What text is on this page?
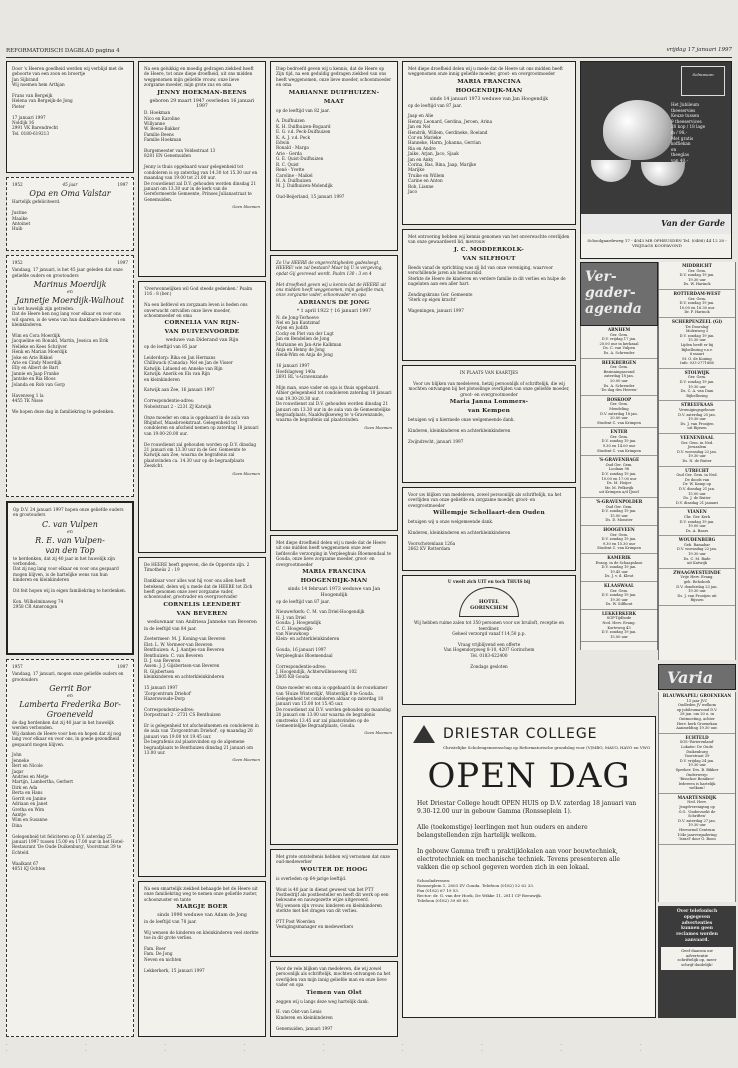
REFORMATORISCH DAGBLAD pagina 4	vrijdag 17 januari 1997
Door 's Heeren goedheid werden wij verblijd met de geboorte van een zoon en broertje
Jan Sijbrand
Wij noemen hem Arthjan

Frans van Bergeijk
Helena van Bergeijk-de Jong
Pieter

17 januari 1997
Noldijk 16
2991 VK Barendrecht
Tel. 0180-619213
1952	45 jaar	1997
Opa en Oma Valstar
Hartelijk gefeliciteerd.

Justine
Maaike
Antoinet
Huib
1952	1997
Vandaag, 17 januari, is het 45 jaar geleden dat onze geliefde ouders en grootouders
Marinus Moerdijk
en
Jannetje Moerdijk-Walhout
in het huwelijk zijn getreden.
Dat de Heere hen nog lang voor elkaar en voor ons wil sparen, is de wens van hun dankbare kinderen en kleinkinderen.

Wim en Cora Moerdijk
Jacqueline en Ronald, Martin, Jessica en Erik
Nelleke en Kees Schrijver
Henk en Marian Moerdijk
Joke en Arie Bikkel
Arie en Cindy Moerdijk
Elly en Albert de Bart
Jannie en Jaap Franke
Jantske en Ria Bloos
Jolanda en Rob van Gorp

Havenweg 1 la
4455 TK Nisse

We hopen deze dag in familiekring te gedenken.
Op D.V. 24 januari 1997 hopen onze geliefde ouders en grootouders
C. van Vulpen
en
R. E. van Vulpen-
van den Top
te herdenken, dat zij 40 jaar in het huwelijk zijn verbonden.
Dat zij nog lang voor elkaar en voor ons gespaard mogen blijven, is de hartelijke wens van hun
kinderen en kleinkinderen

Dit feit hopen wij in eigen familiekring te herdenken.

Kon. Wilhelminaweg 74
2958 CR Amerongen
1957	1997
Vandaag, 17 januari, mogen onze geliefde ouders en grootouders
Gerrit Bor
en
Lamberta Frederika Bor-
Groeneveld
de dag herdenken dat zij 40 jaar in het huwelijk werden verbonden.
Wij danken de Heere voor hen en hopen dat zij nog lang voor elkaar en voor ons, in goede gezondheid gespaard mogen blijven.

John
Jenneke
Bert en Nicole
Jaqar
Andries en Metje
Martijn, Lambertha, Gerbert
Dirk en Ada
Berta en Hans
Gerrit en Janine
Adriaan en Janet
Gretha en Wim
Aantje
Wim en Susanne
Dina

Gelegenheid tot feliciteren op D.V. zaterdag 25 januari 1997 tussen 15.00 en 17.00 uur in het Hotel-Restaurant 'De Oude Duikenburg', Voorstraat 39 te Echteld.

Waalkant 67
4051 KJ Ochten
Na een gelukkig en moedig gedragen ziekbed heeft de Heere, tot onze diepe droefheid, uit ons midden weggenomen mijn geliefde vrouw, onze lieve zorgzame moeder, mijn grote zus en oma
JENNY HOEKMAN-BEENS
geboren 29 maart 1947 overleden 16 januari 1997
D. Hoekman
Nico en Karoline
Willyanne
W. Beens-Bakker
Familie Beens
Familie Hoekman

Burgemeester van Veldestraat 13
8281 EN Genemuiden

Jenny is thuis opgebaard waar gelegenheid tot condoleren is op zaterdag van 14.30 tot 15.30 uur en maandag van 19.00 tot 21.00 uur.
De rouwdienst zal D.V. gehouden worden dinsdag 21 januari om 13.30 uur in de kerk van de Gereformeerde Gemeente, Prinses Julianastraat te Genemuiden.
Geen bloemen
'Overwonnelijken wil God steeds gedenken.' Psalm 116 : 8 (ber.)

Na een liefdevol en zorgzaam leven is heden ons onverwacht ontvallen onze lieve moeder, schoonmoeder en oma
CORNELIA VAN RIJN-
VAN DUIVENVOORDE
weduwe van Diderand van Rijn
op de leeftijd van 85 jaar

Leiderdorp: Rika en Jan Hermans
Chilliwack (Canada): Nel en Jan de Visser
Katwijk: Liduend en Anneke van Rijn
Katwijk: Anerik en Els van Rijn
en kleinkinderen

Katwijk aan Zee, 16 januari 1997

Correspondentie-adres:
Nobelstraat 2 - 2231 ZJ Katwijk

Onze moeder en oma is opgebaard in de aula van Rhijnhof, Maasbroekstraat. Gelegenheid tot condoleren en afscheid nemen op zaterdag 18 januari van 19.00-20.00 uur.

De rouwdienst zal gehouden worden op D.V. dinsdag 21 januari om 13.30 uur in de Ger. Gemeente te Katwijk aan Zee, waarna de begrafenis zal plaatsvinden ca. 14.30 uur op de begraafplaats Zeezicht.
Geen bloemen
De HEERE heeft gegeven, die de Opperste zijn. 2 Timotheüs 2 : 19

Dankbaar voor alles wat hij voor ons allen heeft betekend, delen wij u mede dat de HEERE tot Zich heeft genomen onze zeer zorgzame vader, schoonvader, grootvader en overgrootvader
CORNELIS LEENDERT
VAN BEVEREN
weduwnaar van Andriesa Janneke van Beveren
in de leeftijd van 84 jaar.

Zoetermeer: M. J. Koning-van Beveren
Elst: L. W. Vermeer-van Beveren
Benthuizen: A. J. Aantjes-van Beveren
Benthuizen: C. van Beveren
D. J. van Beveren
Assen: J. J. Gijsbertsen-van Beveren
R. Gijsbertsen
kleinkinderen en achterkleinkinderen

15 januari 1997
'Zorgcentrum Driehof'
Hazerswoude-Dorp

Correspondentie-adres:
Dorpsstraat 2 - 2731 CS Benthuizen

Er is gelegenheid tot afscheidnemen en condoleren in de aula van 'Zorgcentrum Driehof', op maandag 20 januari van 19.00 tot 19.45 uur.
De begrafenis zal plaatsvinden op de algemene begraafplaats te Benthuizen dinsdag 21 januari om 13.00 uur.
Geen bloemen
Na een smartelijk ziekbed behaagde het de Heere uit onze familiekring weg te nemen onze geliefde zuster, schoonzuster en tante
MARGJE BOER
sinds 1990 weduwe van Adam de Jong
in de leeftijd van 78 jaar.

Wij wensen de kinderen en kleinkinderen veel sterkte toe in dit grote verlies.

Fam. Boer
Fam. De Jong
Neven en nichten

Lekkerkerk, 15 januari 1997
Diep bedroefd geven wij u kennis, dat de Heere op Zijn tijd, na een geduldig gedragen ziekbed van ons heeft weggenomen, onze lieve moeder, schoonmoeder en oma
MARIANNE DUIFHUIZEN-
MAAT
op de leeftijd van 82 jaar.

A. Duifhuizen
K. H. Duifhuizen-Bogaard
E. G. v.d. Peck-Duifhuizen
K. A. J. v.d. Peck
Edwin
Ronald - Marga
Arie - Gerda
G. E. Quist-Duifhuizen
R. C. Quist
René - Yvette
Caroline - Maikel
H. A. Duifhuizen
M. J. Duifhuizen-Molendijk

Oud-Beijerland, 15 januari 1997
Zo Uw HEERE de ongerechtigheden gadesloegt, HEERE! wie zal bestaan? Maar bij U is vergeving, opdat Gij gevreesd wordt. Psalm 130 : 3 en 4

Met droefheid geven wij u kennis dat de HEERE uit ons midden heeft weggenomen, mijn geliefde man, onze zorgzame vader, schoonvader en opa
ADRIANUS DE JONG
* 1 april 1922 † 16 januari 1997
N. de Jong-Terhoeve
Nel en Jan Kuntzmaf
Arjen en Judith
Cocky en Piet van der Lugt
Jan en Bendelien de Jong
Marianne en Jan-Arie Kalkman
Anja en Henny de Jong
Henk-Wim en Anja de Jong

16 januari 1997
Hoefslagweg 140a
2691 RL 's-Gravenzande

Mijn man, onze vader en opa is thuis opgebaard. Alhier gelegenheid tot condoleren zaterdag 18 januari van 19.30-20.30 uur.
De rouwdienst zal D.V. gehouden worden dinsdag 21 januari om 13.30 uur in de aula van de Gemeentelijke Begraafplaats, Naaldwijkseweg te 's-Gravenzande, waarna de begrafenis zal plaatsvinden.
Geen bloemen
Met diepe droefheid delen wij u mede dat de Heere uit ons midden heeft weggenomen onze zeer liefdevolle verzorging in Verpleeghuis Bloemendaal te Gouda, onze lieve zorgzame moeder, groot- en overgrootmoeder
MARIA FRANCINA
HOOGENDIJK-MAN
sinds 14 februari 1973 weduwe van Jan Hoogendijk
op de leeftijd van 87 jaar.

Nieuwerkerk: C. M. van Driel-Hoogendijk
H. J. van Driel
Gouda: J. Hoogendijk
C. C. Hoogendijk-
van Nieuwkoop
Klein- en achterkleinkinderen

Gouda, 16 januari 1997
Verpleeghuis Bloemendaal

Correspondentie-adres:
J. Hoogendijk, Achterwillenseweg 102
2805 KB Gouda

Onze moeder en oma is opgebaard in de rouwkamer van 'Huize Winterdijk', Winterdijk 8 te Gouda.
Gelegenheid tot condoleren aldaar op zaterdag 18 januari van 15.00 tot 15.45 uur.
De rouwdienst zal D.V. worden gehouden op maandag 20 januari om 13.00 uur waarna de begrafenis omstreeks 13.45 uur zal plaatsvinden op de Gemeentelijke Begraafplaats, Gouda.
Geen bloemen
Met grote ontsteltenis hebben wij vernomen dat onze oud-medewerker
WOUTER DE HOOG
is overleden op 64-jarige leeftijd.

Wout is 40 jaar in dienst geweest van het PTT Postbedrijf als postbesteller en heeft dit werk op een bekwame en nauwgezette wijze uitgevoerd.
Wij wensen zijn vrouw, kinderen en kleinkinderen sterkte met het dragen van dit verlies.

PTT Post Woerden
Vestigingsmanager en medewerkers
Voor de vele blijken van medeleven, die wij zowel persoonlijk als schriftelijk, mochten ontvangen na het overlijden van mijn innig geliefde man en onze lieve vader en opa
Tiemen van Olst
zeggen wij u langs deze weg hartelijk dank.

H. van Olst-van Lenis
Kinderen en kleinkinderen

Genemuiden, januari 1997
Met diepe droefheid delen wij u mede dat de Heere uit ons midden heeft weggenomen onze innig geliefde moeder, groot- en overgrootmoeder
MARIA FRANCINA
HOOGENDIJK-MAN
sinds 14 januari 1973 weduwe van Jan Hoogendijk
op de leeftijd van 87 jaar.

Jaap en Alie
Henny, Leonard, Gerdina, Jeroen, Arina
Jan en Nel
Hendrik, Willem, Gerdineke, Roeland
Cor en Marieke
Hanneke, Harm, Johanna, Gerrian
Ria en Andre
Jaike, Arjan, Jaco, Sjaak
Jan en Anky
Corina, Bas, Rina, Jaap, Marijke
Marijke
Truike en Willem
Carine en Anton
Rob, Lianne
Jaco
Met ontroering hebben wij kennis genomen van het onverwachte overlijden van onze gewaardeerd lid, mevrouw
J. C. MODDERKOLK-
VAN SILFHOUT
Reeds vanaf de oprichting was zij lid van onze vereniging, waarvoor verschillende jaren als bestuurslid.
Sterkte de Heere de kinderen en verdere familie in dit verlies en hulpe de nagelaten aan een aller hart.

Zendingskrans Ger. Gemeente
'Sterk op eigen kracht'

Wageningen, januari 1997
IN PLAATS VAN KAARTJES

Voor uw blijken van medeleven, hetzij persoonlijk of schriftelijk, die wij mochten ontvangen bij het plotselinge overlijden van onze geliefde moeder, groot- en overgrootmoeder
Maria Janna Lommers-
van Kempen
betuigen wij u hiermede onze welgemeende dank.

Kinderen, kleinkinderen en achterkleinkinderen

Zwijndrecht, januari 1997
Voor uw blijken van medeleven, zowel persoonlijk als schriftelijk, na het overlijden van onze geliefde en zorgzame moeder, groot- en overgrootmoeder
Willempje Schollaart-den Ouden
betuigen wij u onze welgemeende dank.

Kinderen, kleinkinderen en achterkleinkinderen

Voorschotenlaan 126a
2662 KV Rotterdam
U vwelt zich UIT en toch THUIS bij
HOTEL GORINCHEM
Wij hebben ruime zalen tot 350 personen voor uw bruiloft, receptie en teerdiner.
Geheel verzorgd vanaf f 14,50 p.p.

Vraag vrijblijvend een offerte
Van Hogendorpweg 8-10, 4207 Gorinchem
Tel. 0183-622400

Zondags gesloten
Solmaxum
Het Jubileum
theeservies
Keuze tussen
9 theeservices
20 kop / 18 lage
m / 98,-
Met gratis
koffiekan
en
theeglas
van 40,-
Van der Garde
Schoolgaardeweg 17 - 4043 MR OPHEUSDEN Tel. (0488) 44 12 28 - VRIJDAGS KOOPAVOND
Ver-
gader-
agenda
ARNHEM
Ger. Gem.
D.V. vrijdag 17 jan.
20.00 uur in kerkzaal
Ds. C. van Vulpen
Ds. A. Schreuder
BEEKBERGEN
Ger. Gem.
Bezinningsavond
zaterdag 18 jan.
20.00 uur
Ds. A. Schreuder
'De dag des Heeren'
BOSKOOP
Ger. Gem.
Mendeling
D.V. zaterdag 18 jan.
20.00 uur
Student C. van Krimpen
ENTER
Ger. Gem.
D.V. zondag 19 jan.
9.30 en 14.00 uur
Student C. van Krimpen
'S-GRAVENHAGE
Oud Ger. Gem.
Loolaan 96
D.V. zondag 19 jan.
10.00 en 17.00 uur
Ds. M. Hoijer
Mr. M. Pelkwijk
uit Krimpen a/d IJssel
'S-GRAVENPOLDER
Oud Ger. Gem.
D.V. zondag 19 jan.
15.00 uur
Ds. D. Monster
HOOGEVEEN
Ger. Gem.
D.V. zondag 19 jan.
9.30 en 15.30 uur
Student C. van Krimpen
KAMERIK
Evang. in de Schaapskooi
D.V. zondag 19 jan.
19.45 uur
Ds. J. v. d. Kleut
KLAASWAAL
Ger. Gem.
D.V. zondag 19 jan.
19.30 uur
Ds. W. Silfhout
LEKKERKERK
SGP-Tijdbode
Ned. Herv. Evang.
Korteweg 43
D.V. zondag 19 jan.
15.00 uur
MIDDRICHT
Ger. Gem.
D.V. zondag 19 jan.
19.30 uur
Ds. W. Harinck
ROTTERDAM-WEST
Ger. Gem.
D.V. zondag 19 jan.
10.00 en 16.30 uur
Dr. F. Harinck
SCHERPENZEEL (Gl)
'De Doorslag'
Molenweg 3
D.V. zondag 19 jan.
15.30 uur
Lijden heeft er bij
Bijbellezing v.a.v.
6 maart
M. O. de Koning
Info: 033-2771666
STOLWIJK
Ger. Gem.
D.V. zondag 19 jan.
19.30 uur
Ds. C. A. van Dam
Bijbellezing
STREEFKAAS
Verenigingsgebouw
D.V. zaterdag 25 jan.
19.30 uur
Ds. J. van Prooijen
uit Rijssen
VEENENDAAL
Ger. Gem. in Ned.
Jeruzalem
D.V. woensdag 22 jan.
19.30 uur
Ds. N. de Ruiter
UTRECHT
Oud Ger. Gem. in Ned.
De doods van
Dr. W. Kamp op
D.V. dinsdag 21 jan.
15.00 uur
Ds. J. de Ruiter
D.V. dinsdag 21 januari
VIANEN
Chr. Ger. Kerk
D.V. zondag 19 jan.
19.00 uur
Ds. A. Baars
WOUDENBERG
Geb. Ramabar
D.V. woensdag 22 jan.
19.30 uur
Ds. C. M. Bade
uit Katwijk
ZWAAGWESTEINDE
Vrije Herv. Evang.
geb. Rehoboth
D.V. donderdag 23 jan.
19.30 uur
Ds. J. van Prooijen uit
Rijssen
Varia
BLAUWKAPEL/ GROENEKAN
15 jaar JVC
Oudleden JV welkom
op jubileumavond D.V.
28 jan. om 20 u. in
Ontmoeting, achter
Herv. kerk Groenekan
Aanmelding 19.30 uur.
ECHTELD
SGS-'Rivierenland'
Lokatie: De Oude
Duikenburg
Voorstraat 39
D.V. vrijdag 24 jan.
19.30 uur
Spreker: Drs. B. Bikker
Onderwerp:
'Bisschoe Boniface'
Iedereen is hartelijk
welkom!
MAARTENSDIJK
Ned. Herv.
Jeugdvereniging op
G.G. 'Onderzoekt de
Schriften'
D.V. zaterdag 27 jan.
19.30 uur
Hervormd Centrum
104e jaarvergadering
'Israel' door G. Boon
Over telefonisch
opgegeven
advertenties
kunnen geen
reclames worden
aanvaard.
Geef daarom uw
advertentie
schriftelijk op, meer
schrijf duidelijk!
DRIESTAR COLLEGE
Christelijke Scholengemeenschap op Reformatorische grondslag voor (V)MBO, MAVO, HAVO en VWO
OPEN DAG
Het Driestar College houdt OPEN HUIS op D.V. zaterdag 18 januari van 9.30-12.00 uur in gebouw Gamma (Ronsseplein 1).

Alle (toekomstige) leerlingen met hun ouders en andere belangstellenden zijn hartelijk welkom.

In gebouw Gamma treft u praktijklokalen aan voor bouwtechniek, electrotechniek en mechanische techniek. Tevens presenteren alle vakken die op school gegeven worden zich in een lokaal.
Schooladressen:
Ronsseplein 1, 2803 ZV Gouda. Telefoon (0182) 52 62 33.
Fax (0182) 67 19 53.
Rector: dr. G. van der Hoek, De Wikke 11, 2811 CP Reeuwijk.
Telefoon (0182) 39 65 80.
· · · · · · · · · · · · · · · · · ·
